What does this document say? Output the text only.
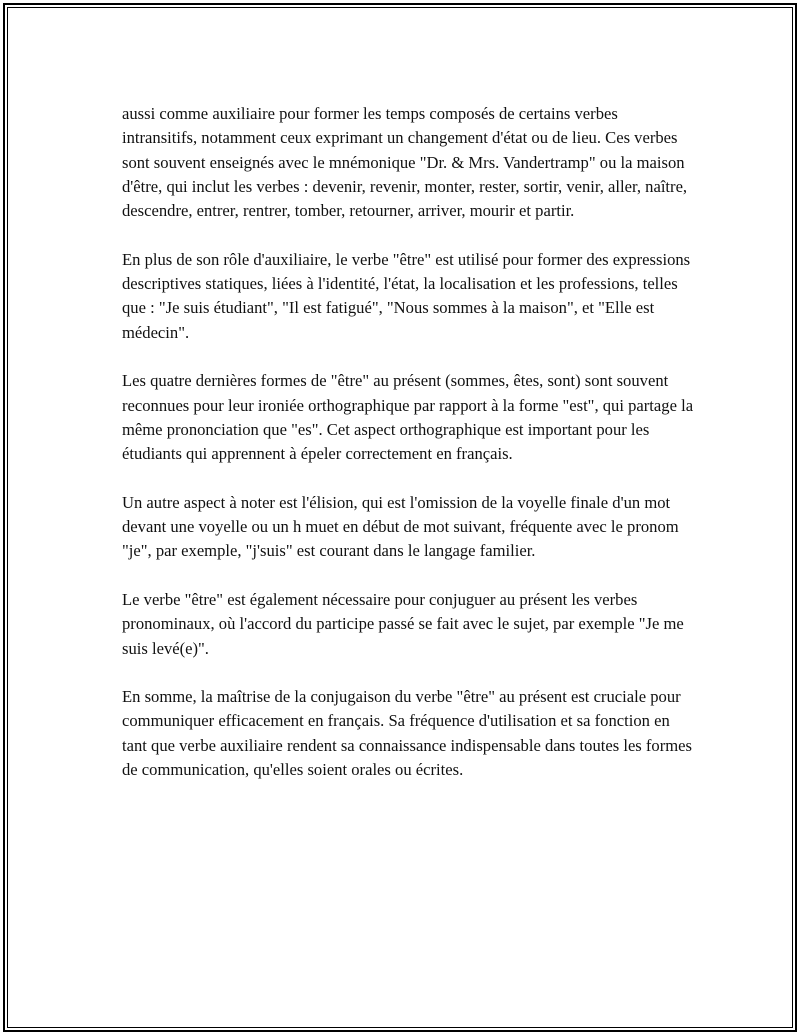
aussi comme auxiliaire pour former les temps composés de certains verbes intransitifs, notamment ceux exprimant un changement d'état ou de lieu. Ces verbes sont souvent enseignés avec le mnémonique "Dr. & Mrs. Vandertramp" ou la maison d'être, qui inclut les verbes : devenir, revenir, monter, rester, sortir, venir, aller, naître, descendre, entrer, rentrer, tomber, retourner, arriver, mourir et partir.

En plus de son rôle d'auxiliaire, le verbe "être" est utilisé pour former des expressions descriptives statiques, liées à l'identité, l'état, la localisation et les professions, telles que : "Je suis étudiant", "Il est fatigué", "Nous sommes à la maison", et "Elle est médecin".

Les quatre dernières formes de "être" au présent (sommes, êtes, sont) sont souvent reconnues pour leur ironiée orthographique par rapport à la forme "est", qui partage la même prononciation que "es". Cet aspect orthographique est important pour les étudiants qui apprennent à épeler correctement en français.

Un autre aspect à noter est l'élision, qui est l'omission de la voyelle finale d'un mot devant une voyelle ou un h muet en début de mot suivant, fréquente avec le pronom "je", par exemple, "j'suis" est courant dans le langage familier.

Le verbe "être" est également nécessaire pour conjuguer au présent les verbes pronominaux, où l'accord du participe passé se fait avec le sujet, par exemple "Je me suis levé(e)".

En somme, la maîtrise de la conjugaison du verbe "être" au présent est cruciale pour communiquer efficacement en français. Sa fréquence d'utilisation et sa fonction en tant que verbe auxiliaire rendent sa connaissance indispensable dans toutes les formes de communication, qu'elles soient orales ou écrites.
